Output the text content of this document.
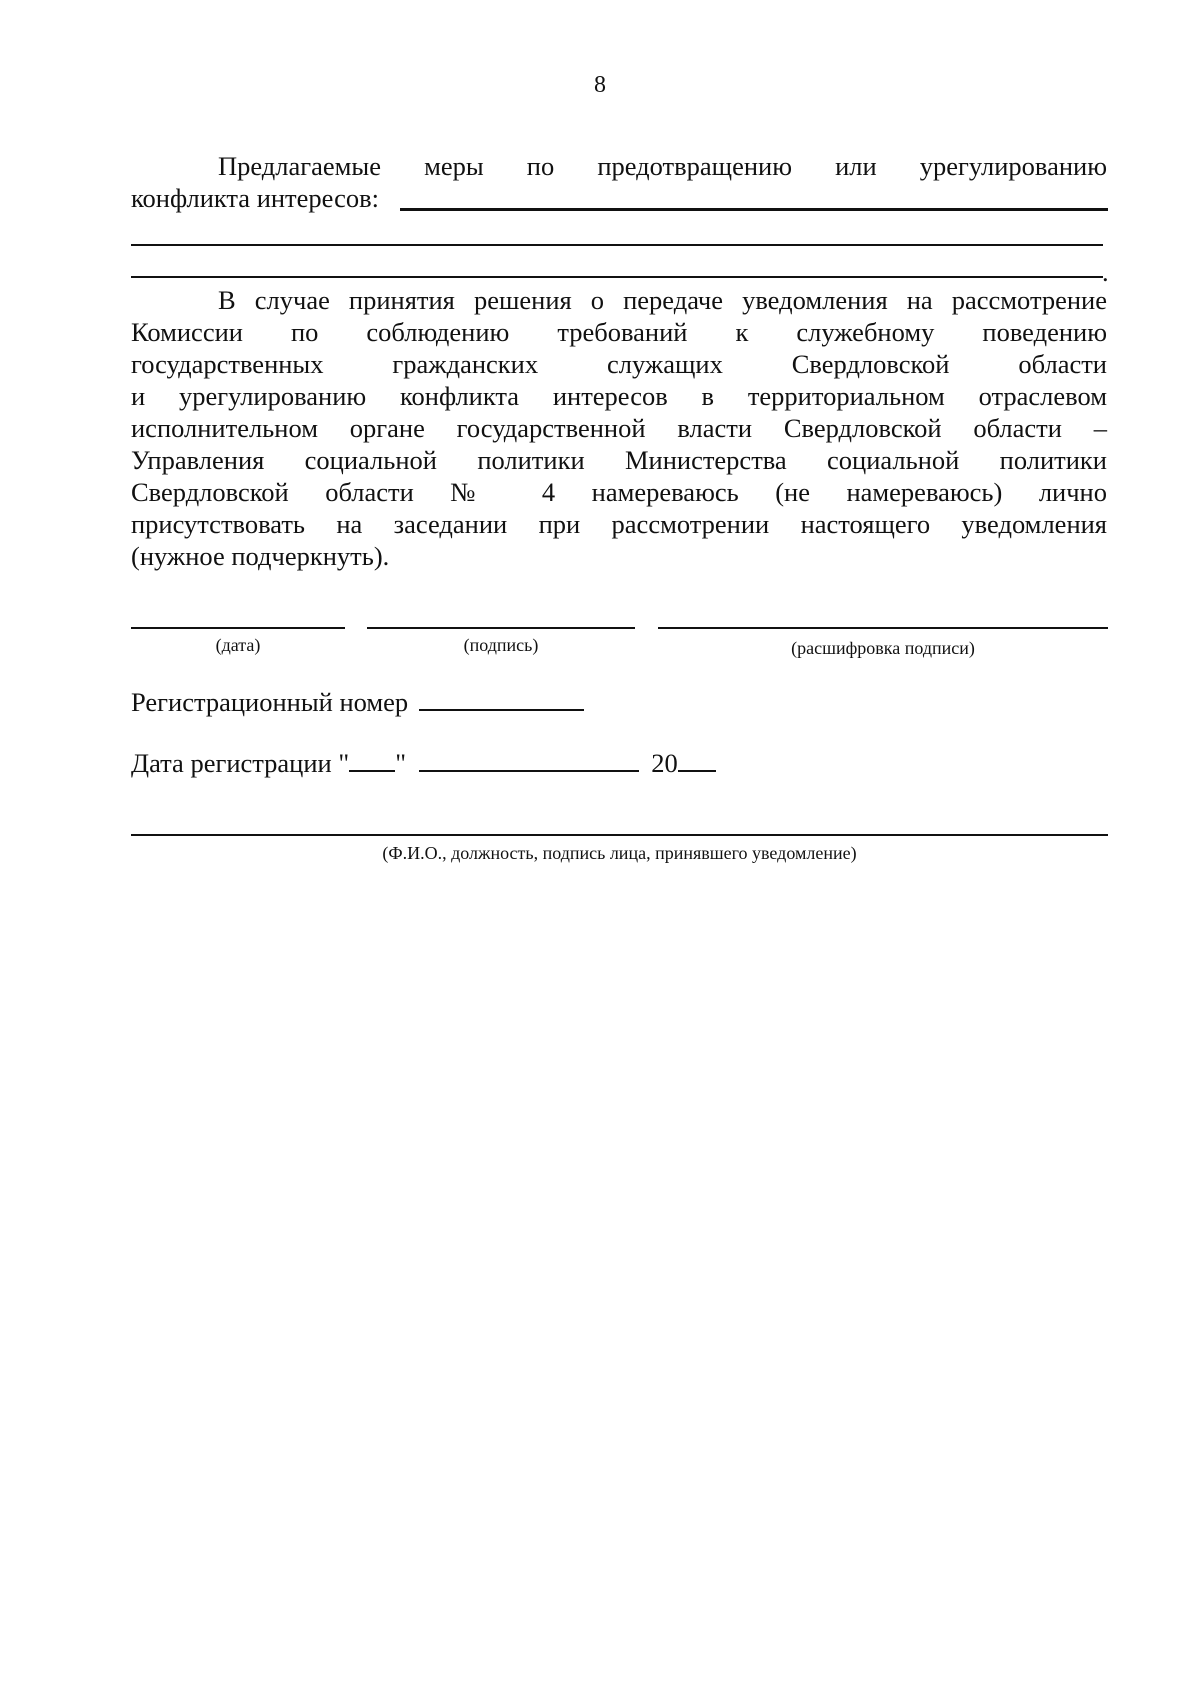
8
Предлагаемые меры по предотвращению или урегулированию
конфликта интересов:
.
В случае принятия решения о передаче уведомления на рассмотрение
Комиссии по соблюдению требований к служебному поведению
государственных гражданских служащих Свердловской области
и урегулированию конфликта интересов в территориальном отраслевом
исполнительном органе государственной власти Свердловской области –
Управления социальной политики Министерства социальной политики
Свердловской области № 4 намереваюсь (не намереваюсь) лично
присутствовать на заседании при рассмотрении настоящего уведомления
(нужное подчеркнуть).
(дата)	(подпись)	(расшифровка подписи)
Регистрационный номер
Дата регистрации " "	20
(Ф.И.О., должность, подпись лица, принявшего уведомление)
